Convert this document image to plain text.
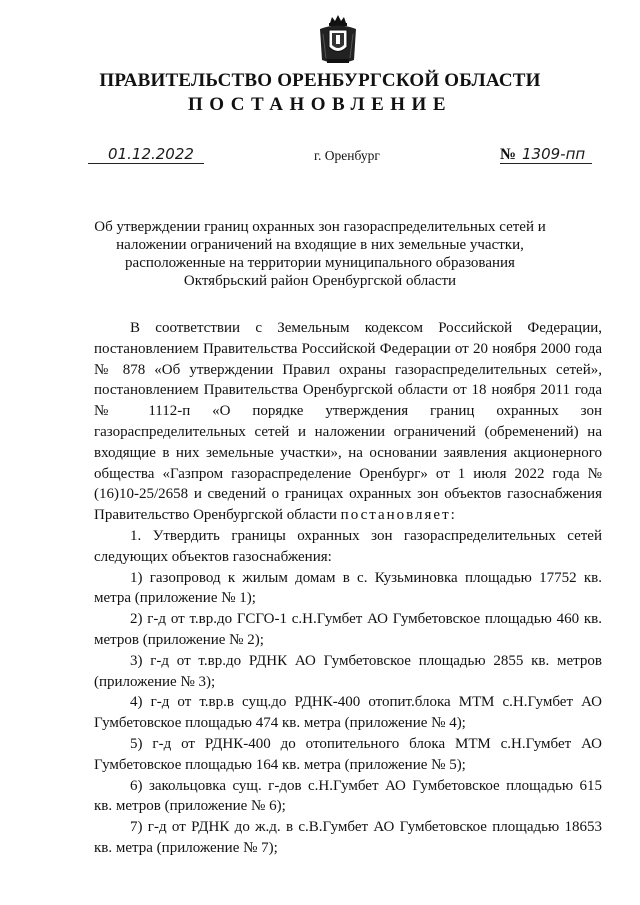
ПРАВИТЕЛЬСТВО ОРЕНБУРГСКОЙ ОБЛАСТИ
ПОСТАНОВЛЕНИЕ
01.12.2022	г. Оренбург	№ 1309-пп
Об утверждении границ охранных зон газораспределительных сетей и наложении ограничений на входящие в них земельные участки, расположенные на территории муниципального образования Октябрьский район Оренбургской области

В соответствии с Земельным кодексом Российской Федерации, постановлением Правительства Российской Федерации от 20 ноября 2000 года № 878 «Об утверждении Правил охраны газораспределительных сетей», постановлением Правительства Оренбургской области от 18 ноября 2011 года № 1112-п «О порядке утверждения границ охранных зон газораспределительных сетей и наложении ограничений (обременений) на входящие в них земельные участки», на основании заявления акционерного общества «Газпром газораспределение Оренбург» от 1 июля 2022 года № (16)10-25/2658 и сведений о границах охранных зон объектов газоснабжения Правительство Оренбургской области постановляет:

1. Утвердить границы охранных зон газораспределительных сетей следующих объектов газоснабжения:

1) газопровод к жилым домам в с. Кузьминовка площадью 17752 кв. метра (приложение № 1);

2) г-д от т.вр.до ГСГО-1 с.Н.Гумбет АО Гумбетовское площадью 460 кв. метров (приложение № 2);

3) г-д от т.вр.до РДНК АО Гумбетовское площадью 2855 кв. метров (приложение № 3);

4) г-д от т.вр.в сущ.до РДНК-400 отопит.блока МТМ с.Н.Гумбет АО Гумбетовское площадью 474 кв. метра (приложение № 4);

5) г-д от РДНК-400 до отопительного блока МТМ с.Н.Гумбет АО Гумбетовское площадью 164 кв. метра (приложение № 5);

6) закольцовка сущ. г-дов с.Н.Гумбет АО Гумбетовское площадью 615 кв. метров (приложение № 6);

7) г-д от РДНК до ж.д. в с.В.Гумбет АО Гумбетовское площадью 18653 кв. метра (приложение № 7);
